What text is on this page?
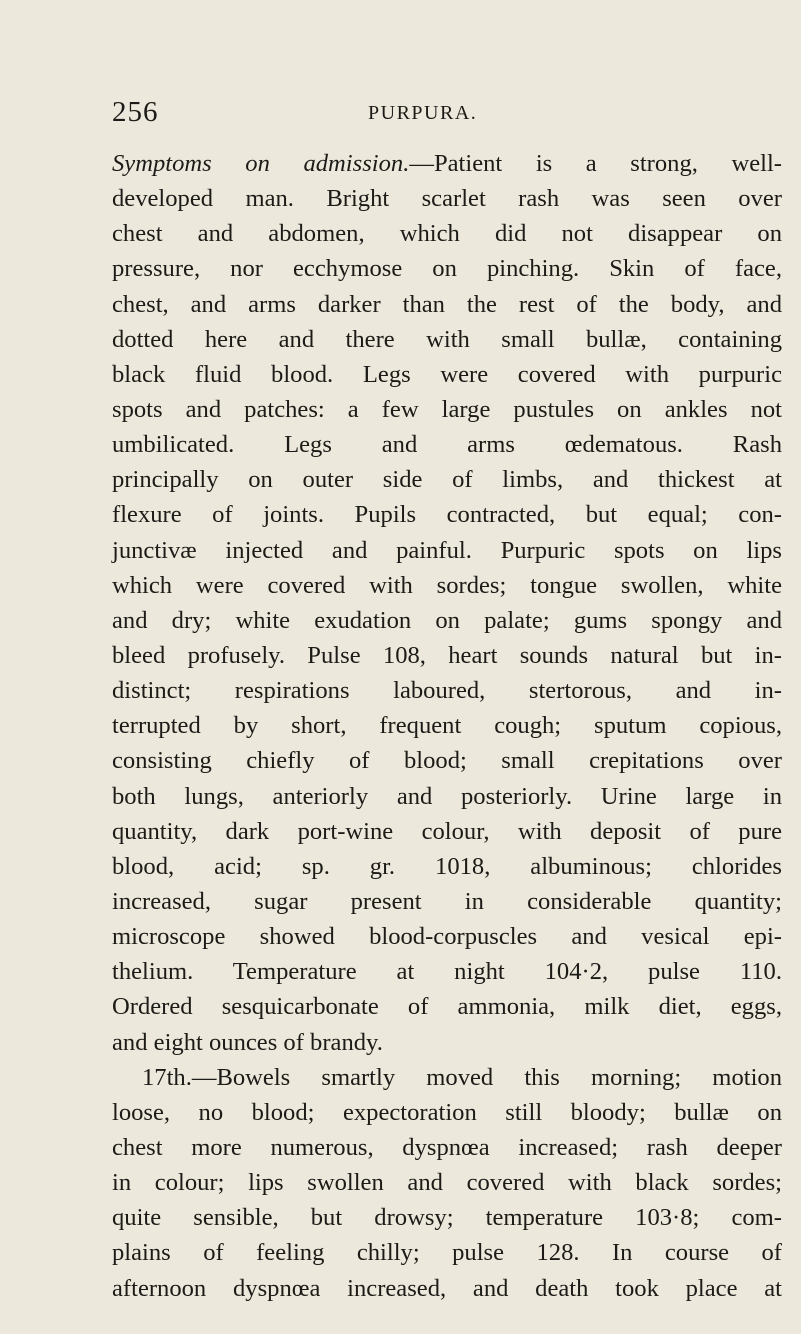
256	PURPURA.
Symptoms on admission.—Patient is a strong, well-
developed man. Bright scarlet rash was seen over
chest and abdomen, which did not disappear on
pressure, nor ecchymose on pinching. Skin of face,
chest, and arms darker than the rest of the body, and
dotted here and there with small bullæ, containing
black fluid blood. Legs were covered with purpuric
spots and patches: a few large pustules on ankles not
umbilicated. Legs and arms œdematous. Rash
principally on outer side of limbs, and thickest at
flexure of joints. Pupils contracted, but equal; con-
junctivæ injected and painful. Purpuric spots on lips
which were covered with sordes; tongue swollen, white
and dry; white exudation on palate; gums spongy and
bleed profusely. Pulse 108, heart sounds natural but in-
distinct; respirations laboured, stertorous, and in-
terrupted by short, frequent cough; sputum copious,
consisting chiefly of blood; small crepitations over
both lungs, anteriorly and posteriorly. Urine large in
quantity, dark port-wine colour, with deposit of pure
blood, acid; sp. gr. 1018, albuminous; chlorides
increased, sugar present in considerable quantity;
microscope showed blood-corpuscles and vesical epi-
thelium. Temperature at night 104·2, pulse 110.
Ordered sesquicarbonate of ammonia, milk diet, eggs,
and eight ounces of brandy.
17th.—Bowels smartly moved this morning; motion
loose, no blood; expectoration still bloody; bullæ on
chest more numerous, dyspnœa increased; rash deeper
in colour; lips swollen and covered with black sordes;
quite sensible, but drowsy; temperature 103·8; com-
plains of feeling chilly; pulse 128. In course of
afternoon dyspnœa increased, and death took place at
